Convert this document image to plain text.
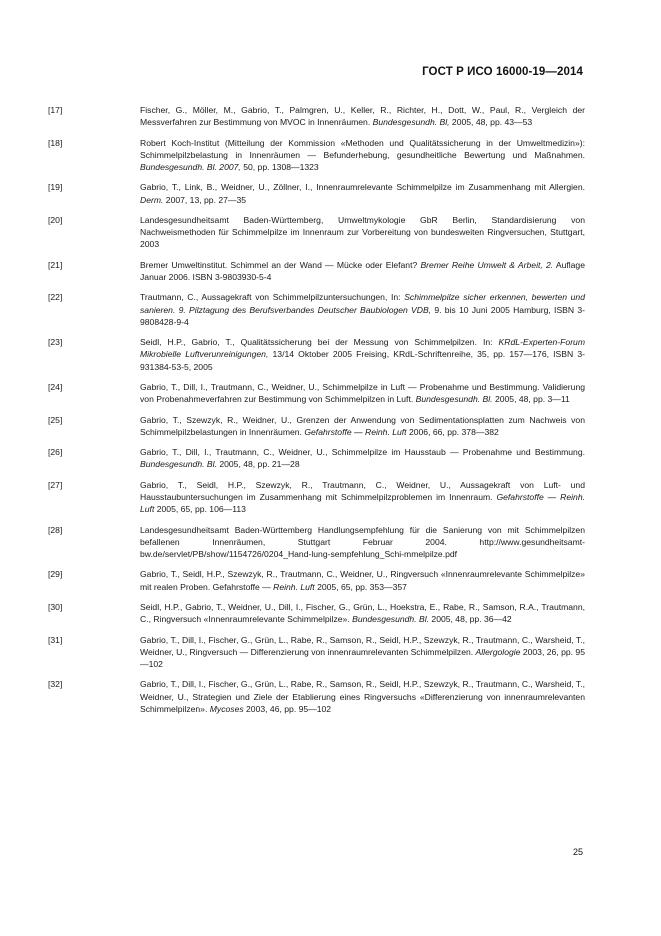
ГОСТ Р ИСО 16000-19—2014
[17]	Fischer, G., Möller, M., Gabrio, T., Palmgren, U., Keller, R., Richter, H., Dott, W., Paul, R., Vergleich der Messverfahren zur Bestimmung von MVOC in Innenräumen. Bundesgesundh. Bl, 2005, 48, pp. 43—53
[18]	Robert Koch-Institut (Mitteilung der Kommission «Methoden und Qualitätssicherung in der Umweltmedizin»): Schimmelpilzbelastung in Innenräumen — Befunderhebung, gesundheitliche Bewertung und Maßnahmen. Bundesgesundh. Bl. 2007, 50, pp. 1308—1323
[19]	Gabrio, T., Link, B., Weidner, U., Zöllner, I., Innenraumrelevante Schimmelpilze im Zusammenhang mit Allergien. Derm. 2007, 13, pp. 27—35
[20]	Landesgesundheitsamt Baden-Württemberg, Umweltmykologie GbR Berlin, Standardisierung von Nachweismethoden für Schimmelpilze im Innenraum zur Vorbereitung von bundesweiten Ringversuchen, Stuttgart, 2003
[21]	Bremer Umweltinstitut. Schimmel an der Wand — Mücke oder Elefant? Bremer Reihe Umwelt & Arbeit, 2. Auflage Januar 2006. ISBN 3-9803930-5-4
[22]	Trautmann, C., Aussagekraft von Schimmelpilzuntersuchungen, In: Schimmelpilze sicher erkennen, bewerten und sanieren. 9. Pilztagung des Berufsverbandes Deutscher Baubiologen VDB, 9. bis 10 Juni 2005 Hamburg, ISBN 3-9808428-9-4
[23]	Seidl, H.P., Gabrio, T., Qualitätssicherung bei der Messung von Schimmelpilzen. In: KRdL-Experten-Forum Mikrobielle Luftverunreinigungen, 13/14 Oktober 2005 Freising, KRdL-Schriftenreihe, 35, pp. 157—176, ISBN 3-931384-53-5, 2005
[24]	Gabrio, T., Dill, I., Trautmann, C., Weidner, U., Schimmelpilze in Luft — Probenahme und Bestimmung. Validierung von Probenahmeverfahren zur Bestimmung von Schimmelpilzen in Luft. Bundesgesundh. Bl. 2005, 48, pp. 3—11
[25]	Gabrio, T., Szewzyk, R., Weidner, U., Grenzen der Anwendung von Sedimentationsplatten zum Nachweis von Schimmelpilzbelastungen in Innenräumen. Gefahrstoffe — Reinh. Luft 2006, 66, pp. 378—382
[26]	Gabrio, T., Dill, I., Trautmann, C., Weidner, U., Schimmelpilze im Hausstaub — Probenahme und Bestimmung. Bundesgesundh. Bl. 2005, 48, pp. 21—28
[27]	Gabrio, T., Seidl, H.P., Szewzyk, R., Trautmann, C., Weidner, U., Aussagekraft von Luft- und Hausstaubuntersuchungen im Zusammenhang mit Schimmelpilzproblemen im Innenraum. Gefahrstoffe — Reinh. Luft 2005, 65, pp. 106—113
[28]	Landesgesundheitsamt Baden-Württemberg Handlungsempfehlung für die Sanierung von mit Schimmelpilzen befallenen Innenräumen, Stuttgart Februar 2004. http://www.gesundheitsamt-bw.de/servlet/PB/show/1154726/0204_Hand-lung-sempfehlung_Schi-mmelpilze.pdf
[29]	Gabrio, T., Seidl, H.P., Szewzyk, R., Trautmann, C., Weidner, U., Ringversuch «Innenraumrelevante Schimmelpilze» mit realen Proben. Gefahrstoffe — Reinh. Luft 2005, 65, pp. 353—357
[30]	Seidl, H.P., Gabrio, T., Weidner, U., Dill, I., Fischer, G., Grün, L., Hoekstra, E., Rabe, R., Samson, R.A., Trautmann, C., Ringversuch «Innenraumrelevante Schimmelpilze». Bundesgesundh. Bl. 2005, 48, pp. 36—42
[31]	Gabrio, T., Dill, I., Fischer, G., Grün, L., Rabe, R., Samson, R., Seidl, H.P., Szewzyk, R., Trautmann, C., Warsheid, T., Weidner, U., Ringversuch — Differenzierung von innenraumrelevanten Schimmelpilzen. Allergologie 2003, 26, pp. 95—102
[32]	Gabrio, T., Dill, I., Fischer, G., Grün, L., Rabe, R., Samson, R., Seidl, H.P., Szewzyk, R., Trautmann, C., Warsheid, T., Weidner, U., Strategien und Ziele der Etablierung eines Ringversuchs «Differenzierung von innenraumrelevanten Schimmelpilzen». Mycoses 2003, 46, pp. 95—102
25
